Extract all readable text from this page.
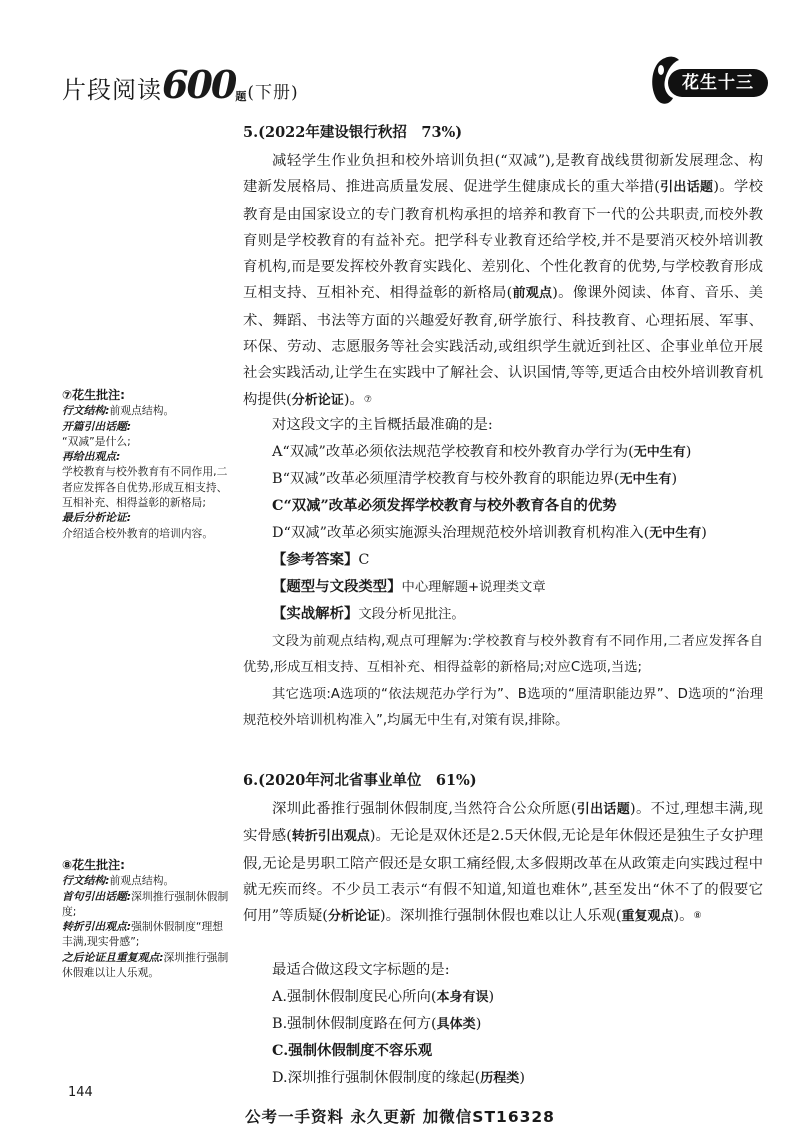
片段阅读600题(下册)	花生十三
5.(2022年建设银行秋招　73%)

减轻学生作业负担和校外培训负担(“双减”),是教育战线贯彻新发展理念、构建新发展格局、推进高质量发展、促进学生健康成长的重大举措(引出话题)。学校教育是由国家设立的专门教育机构承担的培养和教育下一代的公共职责,而校外教育则是学校教育的有益补充。把学科专业教育还给学校,并不是要消灭校外培训教育机构,而是要发挥校外教育实践化、差别化、个性化教育的优势,与学校教育形成互相支持、互相补充、相得益彰的新格局(前观点)。像课外阅读、体育、音乐、美术、舞蹈、书法等方面的兴趣爱好教育,研学旅行、科技教育、心理拓展、军事、环保、劳动、志愿服务等社会实践活动,或组织学生就近到社区、企事业单位开展社会实践活动,让学生在实践中了解社会、认识国情,等等,更适合由校外培训教育机构提供(分析论证)。⑦

对这段文字的主旨概括最准确的是:
A“双减”改革必须依法规范学校教育和校外教育办学行为(无中生有)
B“双减”改革必须厘清学校教育与校外教育的职能边界(无中生有)
C“双减”改革必须发挥学校教育与校外教育各自的优势
D“双减”改革必须实施源头治理规范校外培训教育机构准入(无中生有)
【参考答案】C
【题型与文段类型】中心理解题+说理类文章
【实战解析】文段分析见批注。

文段为前观点结构,观点可理解为:学校教育与校外教育有不同作用,二者应发挥各自优势,形成互相支持、互相补充、相得益彰的新格局;对应C选项,当选;

其它选项:A选项的“依法规范办学行为”、B选项的“厘清职能边界”、D选项的“治理规范校外培训机构准入”,均属无中生有,对策有误,排除。

⑦花生批注:
行文结构:前观点结构。
开篇引出话题:
“双减”是什么;
再给出观点:
学校教育与校外教育有不同作用,二者应发挥各自优势,形成互相支持、互相补充、相得益彰的新格局;
最后分析论证:
介绍适合校外教育的培训内容。
6.(2020年河北省事业单位　61%)

深圳此番推行强制休假制度,当然符合公众所愿(引出话题)。不过,理想丰满,现实骨感(转折引出观点)。无论是双休还是2.5天休假,无论是年休假还是独生子女护理假,无论是男职工陪产假还是女职工痛经假,太多假期改革在从政策走向实践过程中就无疾而终。不少员工表示“有假不知道,知道也难休”,甚至发出“休不了的假要它何用”等质疑(分析论证)。深圳推行强制休假也难以让人乐观(重复观点)。⑧

最适合做这段文字标题的是:
A.强制休假制度民心所向(本身有误)
B.强制休假制度路在何方(具体类)
C.强制休假制度不容乐观
D.深圳推行强制休假制度的缘起(历程类)
⑧花生批注:
行文结构:前观点结构。
首句引出话题:深圳推行强制休假制度;
转折引出观点:强制休假制度“理想丰满,现实骨感”;
之后论证且重复观点:深圳推行强制休假难以让人乐观。
144
公考一手资料 永久更新 加微信ST16328
